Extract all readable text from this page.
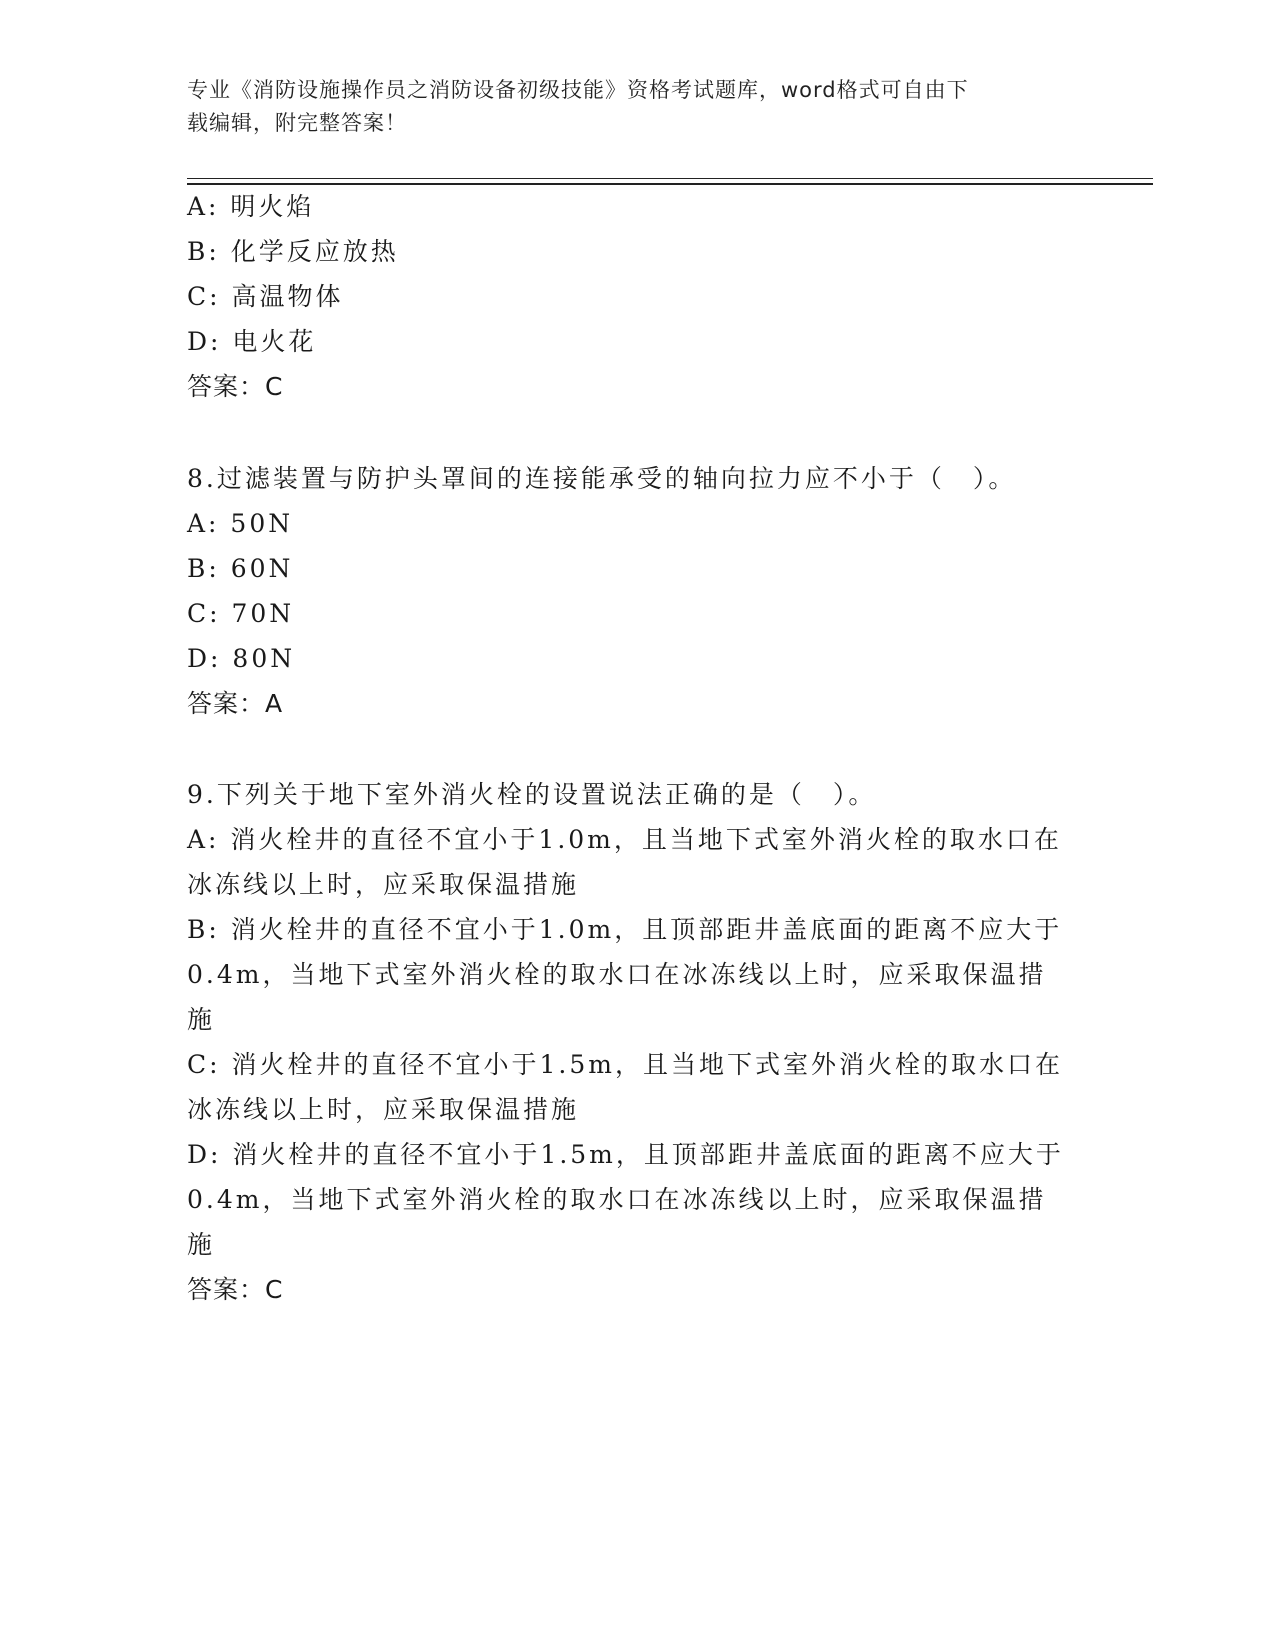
专业《消防设施操作员之消防设备初级技能》资格考试题库，word格式可自由下
载编辑，附完整答案！
A: 明火焰
B: 化学反应放热
C: 高温物体
D: 电火花
答案：C
8.过滤装置与防护头罩间的连接能承受的轴向拉力应不小于（　）。
A: 50N
B: 60N
C: 70N
D: 80N
答案：A
9.下列关于地下室外消火栓的设置说法正确的是（　）。
A: 消火栓井的直径不宜小于1.0m，且当地下式室外消火栓的取水口在
冰冻线以上时，应采取保温措施
B: 消火栓井的直径不宜小于1.0m，且顶部距井盖底面的距离不应大于
0.4m，当地下式室外消火栓的取水口在冰冻线以上时，应采取保温措
施
C: 消火栓井的直径不宜小于1.5m，且当地下式室外消火栓的取水口在
冰冻线以上时，应采取保温措施
D: 消火栓井的直径不宜小于1.5m，且顶部距井盖底面的距离不应大于
0.4m，当地下式室外消火栓的取水口在冰冻线以上时，应采取保温措
施
答案：C
